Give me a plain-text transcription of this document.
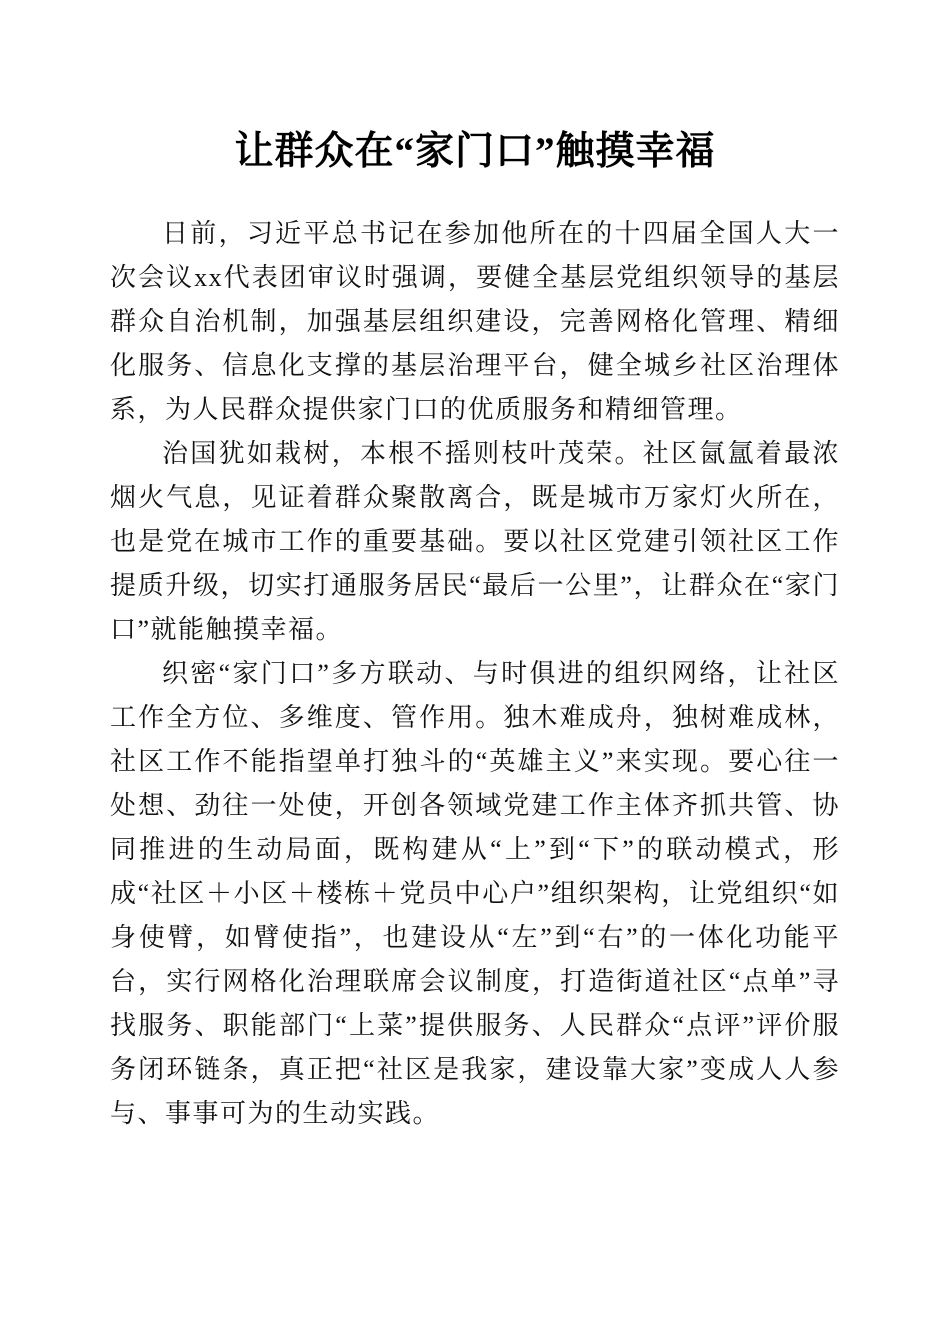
让群众在“家门口”触摸幸福

日前，习近平总书记在参加他所在的十四届全国人大一次会议xx代表团审议时强调，要健全基层党组织领导的基层群众自治机制，加强基层组织建设，完善网格化管理、精细化服务、信息化支撑的基层治理平台，健全城乡社区治理体系，为人民群众提供家门口的优质服务和精细管理。

治国犹如栽树，本根不摇则枝叶茂荣。社区氤氲着最浓烟火气息，见证着群众聚散离合，既是城市万家灯火所在，也是党在城市工作的重要基础。要以社区党建引领社区工作提质升级，切实打通服务居民“最后一公里”，让群众在“家门口”就能触摸幸福。

织密“家门口”多方联动、与时俱进的组织网络，让社区工作全方位、多维度、管作用。独木难成舟，独树难成林，社区工作不能指望单打独斗的“英雄主义”来实现。要心往一处想、劲往一处使，开创各领域党建工作主体齐抓共管、协同推进的生动局面，既构建从“上”到“下”的联动模式，形成“社区＋小区＋楼栋＋党员中心户”组织架构，让党组织“如身使臂，如臂使指”，也建设从“左”到“右”的一体化功能平台，实行网格化治理联席会议制度，打造街道社区“点单”寻找服务、职能部门“上菜”提供服务、人民群众“点评”评价服务闭环链条，真正把“社区是我家，建设靠大家”变成人人参与、事事可为的生动实践。
